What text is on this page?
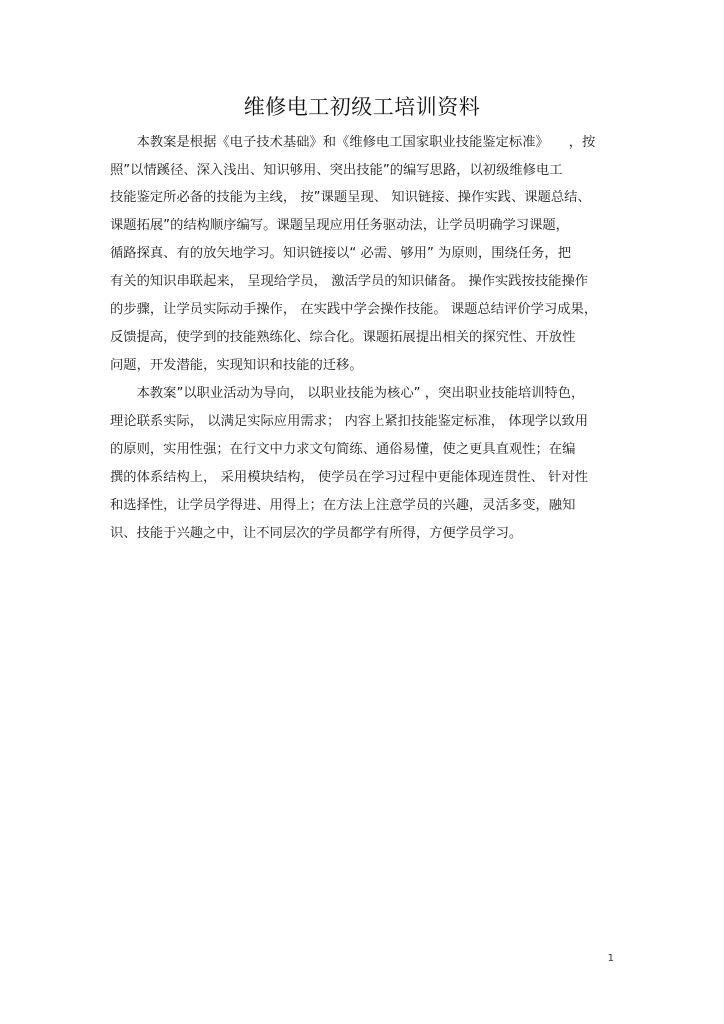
维修电工初级工培训资料
　　本教案是根据《电子技术基础》和《维修电工国家职业技能鉴定标准》　　，按
照”以情蹊径、深入浅出、知识够用、突出技能”的编写思路，以初级维修电工
技能鉴定所必备的技能为主线， 按”课题呈现、 知识链接、操作实践、课题总结、
课题拓展”的结构顺序编写。课题呈现应用任务驱动法，让学员明确学习课题，
循路探真、有的放矢地学习。知识链接以“ 必需、够用” 为原则，围绕任务，把
有关的知识串联起来， 呈现给学员， 激活学员的知识储备。 操作实践按技能操作
的步骤，让学员实际动手操作， 在实践中学会操作技能。 课题总结评价学习成果，
反馈提高，使学到的技能熟练化、综合化。课题拓展提出相关的探究性、开放性
问题，开发潜能，实现知识和技能的迁移。
　　本教案”以职业活动为导向， 以职业技能为核心” ，突出职业技能培训特色，
理论联系实际， 以满足实际应用需求； 内容上紧扣技能鉴定标准， 体现学以致用
的原则，实用性强；在行文中力求文句简练、通俗易懂，使之更具直观性；在编
撰的体系结构上， 采用模块结构， 使学员在学习过程中更能体现连贯性、 针对性
和选择性，让学员学得进、用得上；在方法上注意学员的兴趣，灵活多变，融知
识、技能于兴趣之中，让不同层次的学员都学有所得，方便学员学习。
1
